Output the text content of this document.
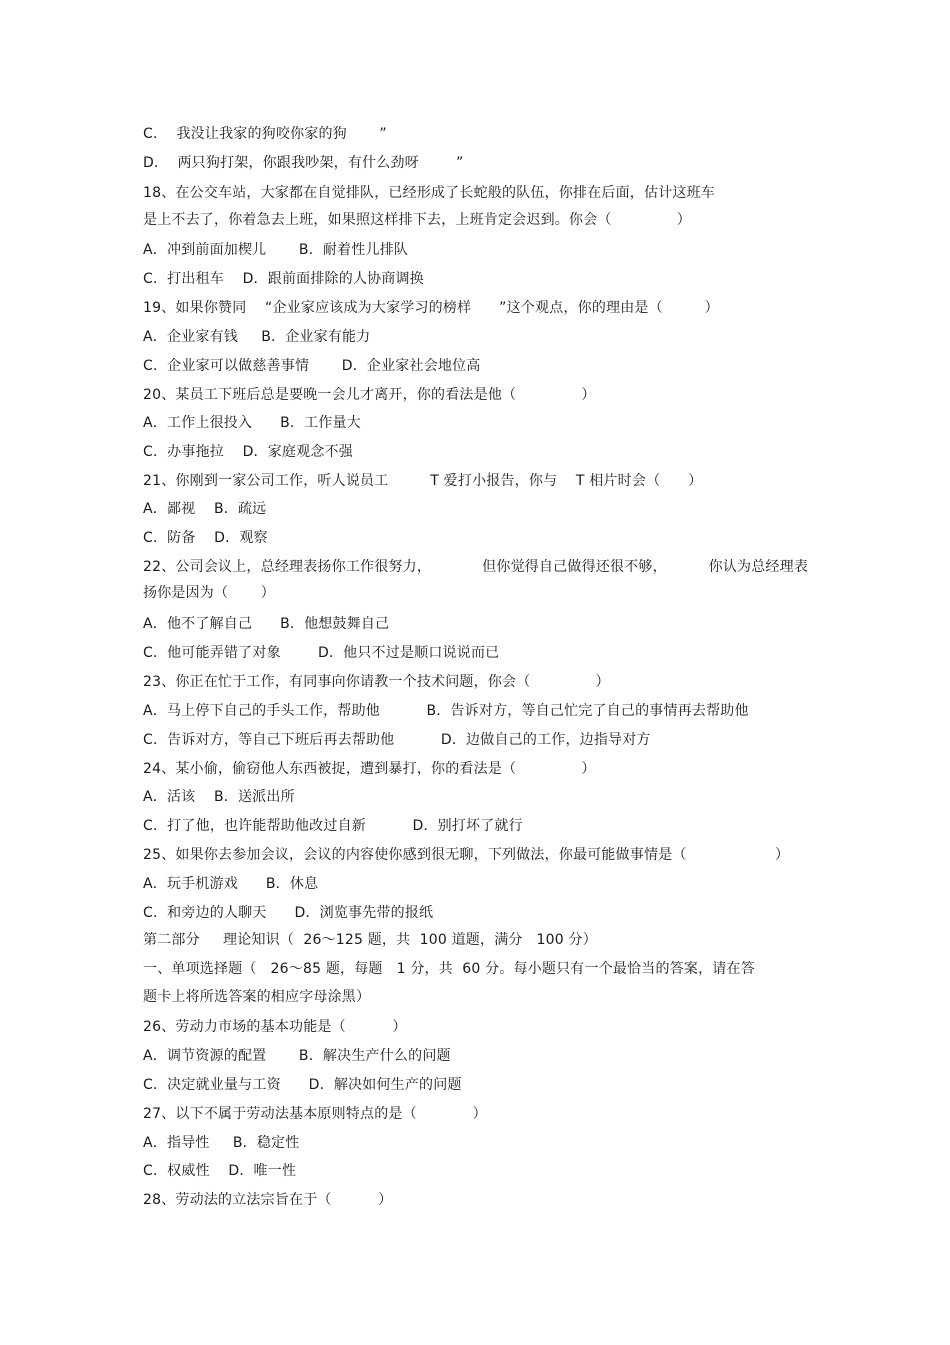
C．  我没让我家的狗咬你家的狗       ”
D．  两只狗打架，你跟我吵架，有什么劲呀        ”
18、在公交车站，大家都在自觉排队，已经形成了长蛇般的队伍，你排在后面，估计这班车
是上不去了，你着急去上班，如果照这样排下去，上班肯定会迟到。你会（              ）
A．冲到前面加楔儿       B．耐着性儿排队
C．打出租车    D．跟前面排除的人协商调换
19、如果你赞同    “企业家应该成为大家学习的榜样      ”这个观点，你的理由是（         ）
A．企业家有钱     B．企业家有能力
C．企业家可以做慈善事情       D．企业家社会地位高
20、某员工下班后总是要晚一会儿才离开，你的看法是他（              ）
A．工作上很投入      B．工作量大
C．办事拖拉    D．家庭观念不强
21、你刚到一家公司工作，听人说员工         T 爱打小报告，你与    T 相片时会（      ）
A．鄙视    B．疏远
C．防备    D．观察
22、公司会议上，总经理表扬你工作很努力，           但你觉得自己做得还很不够，         你认为总经理表
扬你是因为（       ）
A．他不了解自己      B．他想鼓舞自己
C．他可能弄错了对象        D．他只不过是顺口说说而已
23、你正在忙于工作，有同事向你请教一个技术问题，你会（              ）
A．马上停下自己的手头工作，帮助他          B．告诉对方，等自己忙完了自己的事情再去帮助他
C．告诉对方，等自己下班后再去帮助他          D．边做自己的工作，边指导对方
24、某小偷，偷窃他人东西被捉，遭到暴打，你的看法是（              ）
A．活该    B．送派出所
C．打了他，也许能帮助他改过自新          D．别打坏了就行
25、如果你去参加会议，会议的内容使你感到很无聊，下列做法，你最可能做事情是（                   ）
A．玩手机游戏      B．休息
C．和旁边的人聊天      D．浏览事先带的报纸
第二部分     理论知识（  26～125 题，共  100 道题，满分   100 分）
一、单项选择题（   26～85 题，每题   1 分，共  60 分。每小题只有一个最恰当的答案，请在答
题卡上将所选答案的相应字母涂黑）
26、劳动力市场的基本功能是（          ）
A．调节资源的配置       B．解决生产什么的问题
C．决定就业量与工资      D．解决如何生产的问题
27、以下不属于劳动法基本原则特点的是（            ）
A．指导性     B．稳定性
C．权威性    D．唯一性
28、劳动法的立法宗旨在于（          ）
